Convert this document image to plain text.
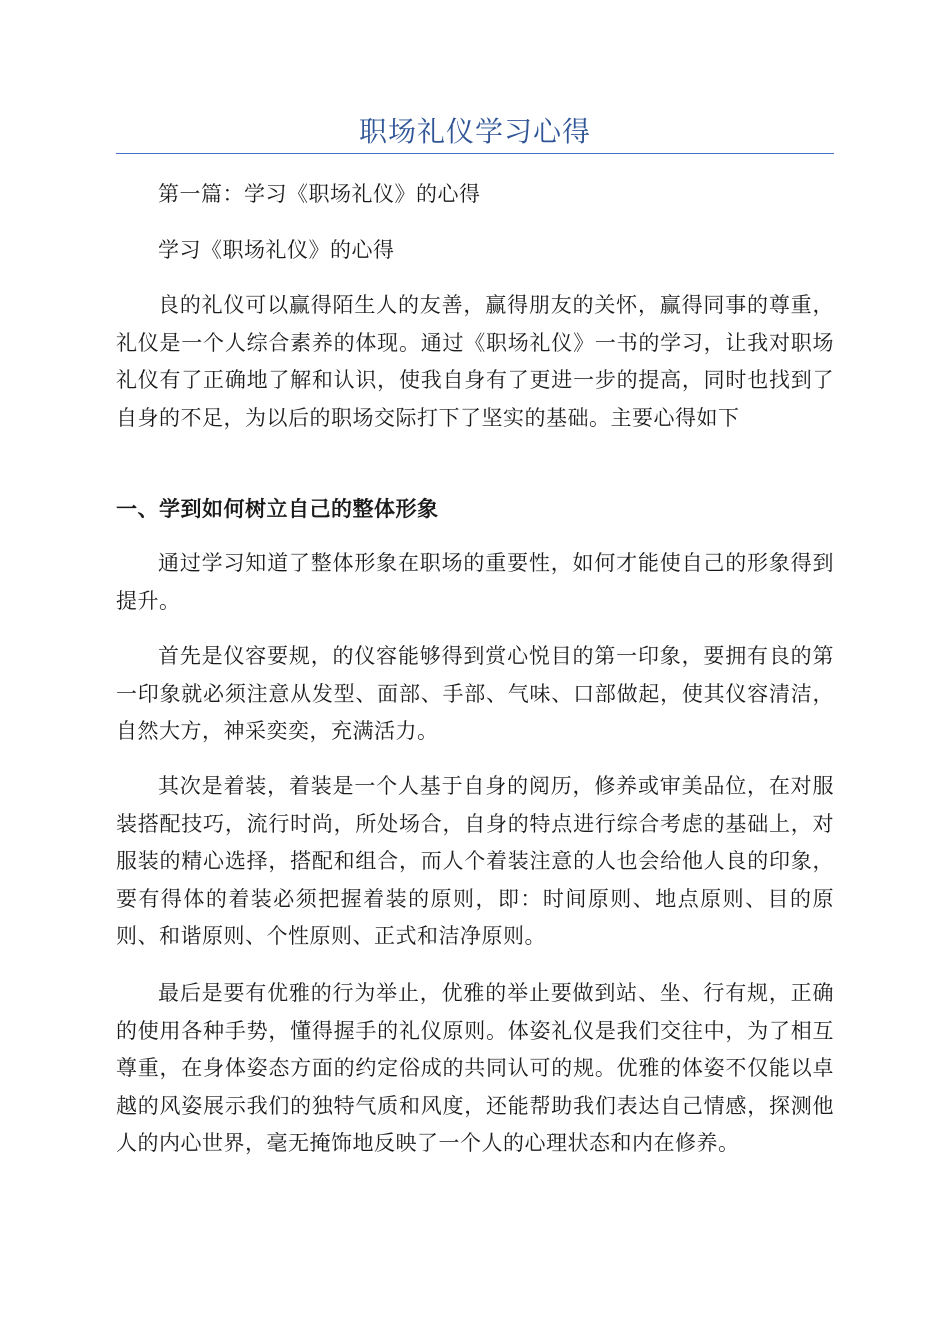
职场礼仪学习心得

第一篇：学习《职场礼仪》的心得

学习《职场礼仪》的心得

良的礼仪可以赢得陌生人的友善，赢得朋友的关怀，赢得同事的尊重，礼仪是一个人综合素养的体现。通过《职场礼仪》一书的学习，让我对职场礼仪有了正确地了解和认识，使我自身有了更进一步的提高，同时也找到了自身的不足，为以后的职场交际打下了坚实的基础。主要心得如下

一、学到如何树立自己的整体形象

通过学习知道了整体形象在职场的重要性，如何才能使自己的形象得到提升。

首先是仪容要规，的仪容能够得到赏心悦目的第一印象，要拥有良的第一印象就必须注意从发型、面部、手部、气味、口部做起，使其仪容清洁，自然大方，神采奕奕，充满活力。

其次是着装，着装是一个人基于自身的阅历，修养或审美品位，在对服装搭配技巧，流行时尚，所处场合，自身的特点进行综合考虑的基础上，对服装的精心选择，搭配和组合，而人个着装注意的人也会给他人良的印象，要有得体的着装必须把握着装的原则，即：时间原则、地点原则、目的原则、和谐原则、个性原则、正式和洁净原则。

最后是要有优雅的行为举止，优雅的举止要做到站、坐、行有规，正确的使用各种手势，懂得握手的礼仪原则。体姿礼仪是我们交往中，为了相互尊重，在身体姿态方面的约定俗成的共同认可的规。优雅的体姿不仅能以卓越的风姿展示我们的独特气质和风度，还能帮助我们表达自己情感，探测他人的内心世界，毫无掩饰地反映了一个人的心理状态和内在修养。
